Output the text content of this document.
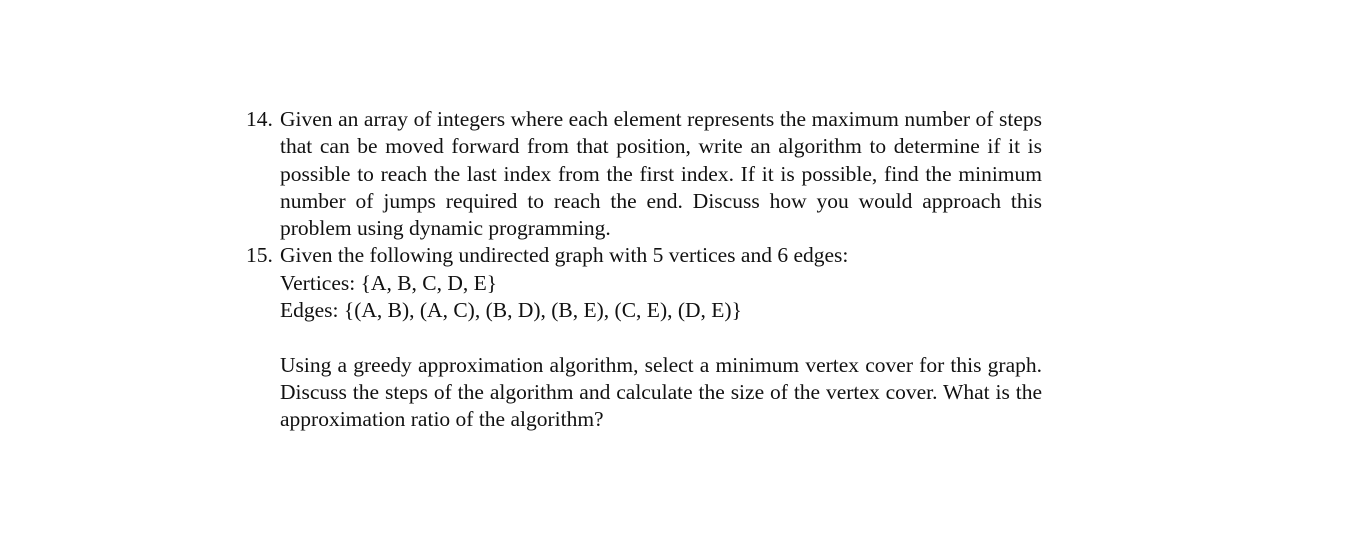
14. Given an array of integers where each element represents the maximum number of steps that can be moved forward from that position, write an algorithm to determine if it is possible to reach the last index from the first index. If it is possible, find the minimum number of jumps required to reach the end. Discuss how you would approach this problem using dynamic programming.

15. Given the following undirected graph with 5 vertices and 6 edges:

Vertices: {A, B, C, D, E}

Edges: {(A, B), (A, C), (B, D), (B, E), (C, E), (D, E)}

Using a greedy approximation algorithm, select a minimum vertex cover for this graph. Discuss the steps of the algorithm and calculate the size of the vertex cover. What is the approximation ratio of the algorithm?
